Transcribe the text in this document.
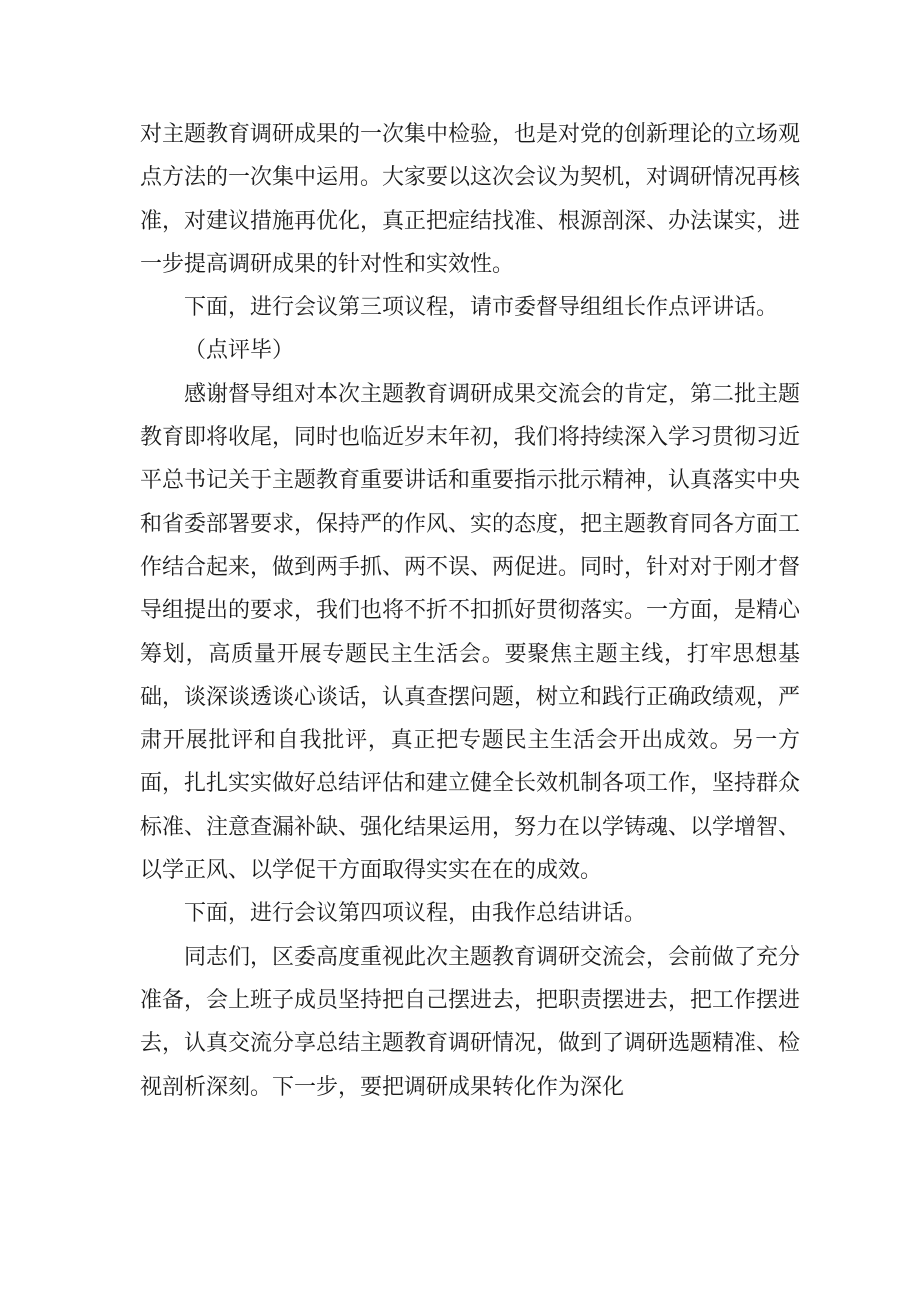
对主题教育调研成果的一次集中检验，也是对党的创新理论的立场观点方法的一次集中运用。大家要以这次会议为契机，对调研情况再核准，对建议措施再优化，真正把症结找准、根源剖深、办法谋实，进一步提高调研成果的针对性和实效性。

下面，进行会议第三项议程，请市委督导组组长作点评讲话。

（点评毕）

感谢督导组对本次主题教育调研成果交流会的肯定，第二批主题教育即将收尾，同时也临近岁末年初，我们将持续深入学习贯彻习近平总书记关于主题教育重要讲话和重要指示批示精神，认真落实中央和省委部署要求，保持严的作风、实的态度，把主题教育同各方面工作结合起来，做到两手抓、两不误、两促进。同时，针对对于刚才督导组提出的要求，我们也将不折不扣抓好贯彻落实。一方面，是精心筹划，高质量开展专题民主生活会。要聚焦主题主线，打牢思想基础，谈深谈透谈心谈话，认真查摆问题，树立和践行正确政绩观，严肃开展批评和自我批评，真正把专题民主生活会开出成效。另一方面，扎扎实实做好总结评估和建立健全长效机制各项工作，坚持群众标准、注意查漏补缺、强化结果运用，努力在以学铸魂、以学增智、以学正风、以学促干方面取得实实在在的成效。

下面，进行会议第四项议程，由我作总结讲话。

同志们，区委高度重视此次主题教育调研交流会，会前做了充分准备，会上班子成员坚持把自己摆进去，把职责摆进去，把工作摆进去，认真交流分享总结主题教育调研情况，做到了调研选题精准、检视剖析深刻。下一步，要把调研成果转化作为深化
